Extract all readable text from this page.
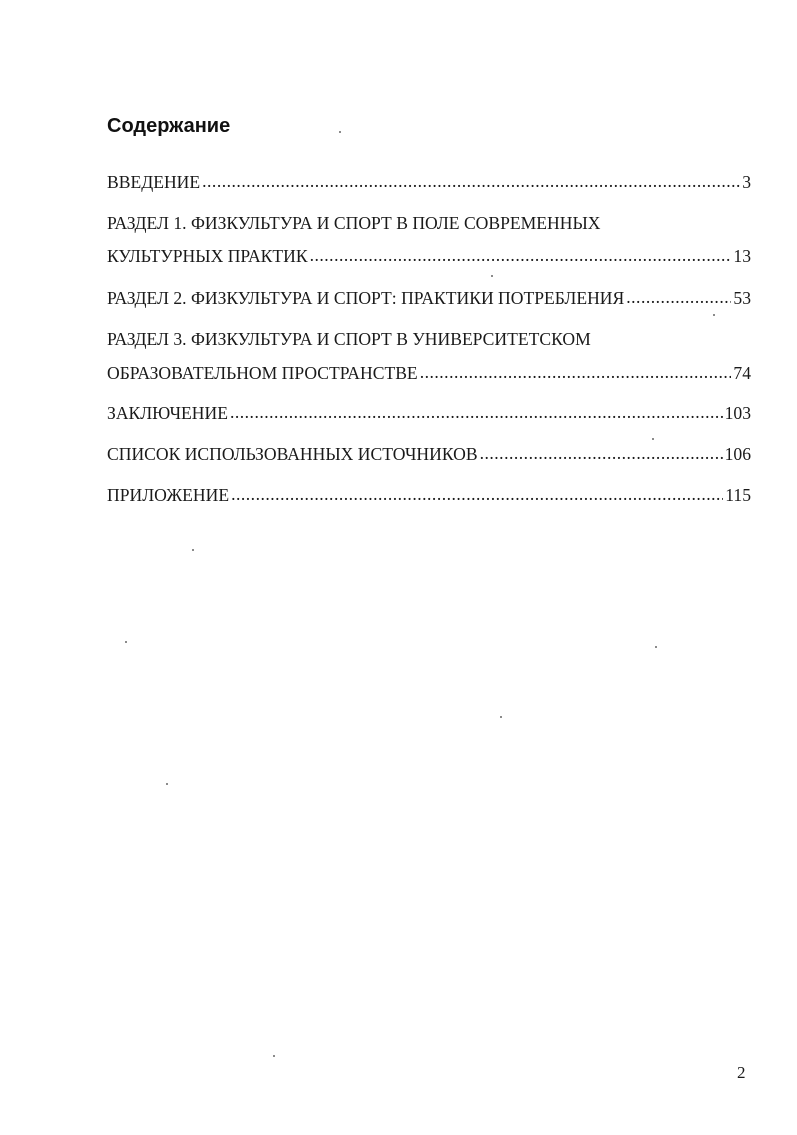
Содержание
ВВЕДЕНИЕ .....	3
РАЗДЕЛ 1. ФИЗКУЛЬТУРА И СПОРТ В ПОЛЕ СОВРЕМЕННЫХ
КУЛЬТУРНЫХ ПРАКТИК .....	13
РАЗДЕЛ 2. ФИЗКУЛЬТУРА И СПОРТ: ПРАКТИКИ ПОТРЕБЛЕНИЯ .....	53
РАЗДЕЛ 3. ФИЗКУЛЬТУРА И СПОРТ В УНИВЕРСИТЕТСКОМ
ОБРАЗОВАТЕЛЬНОМ ПРОСТРАНСТВЕ .....	74
ЗАКЛЮЧЕНИЕ .....	103
СПИСОК ИСПОЛЬЗОВАННЫХ ИСТОЧНИКОВ .....	106
ПРИЛОЖЕНИЕ .....	115
2
